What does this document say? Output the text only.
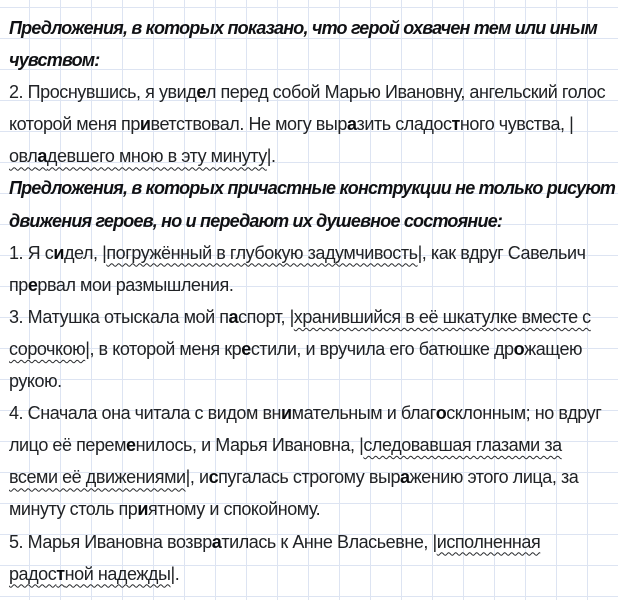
Предложения, в которых показано, что герой охвачен тем или иным
чувством:
2. Проснувшись, я увидел перед собой Марью Ивановну, ангельский голос
которой меня приветствовал. Не могу выразить сладостного чувства, |
овладевшего мною в эту минуту|.
Предложения, в которых причастные конструкции не только рисуют
движения героев, но и передают их душевное состояние:
1. Я сидел, |погружённый в глубокую задумчивость|, как вдруг Савельич
прервал мои размышления.
3. Матушка отыскала мой паспорт, |хранившийся в её шкатулке вместе с
сорочкою|, в которой меня крестили, и вручила его батюшке дрожащею
рукою.
4. Сначала она читала с видом внимательным и благосклонным; но вдруг
лицо её переменилось, и Марья Ивановна, |следовавшая глазами за
всеми её движениями|, испугалась строгому выражению этого лица, за
минуту столь приятному и спокойному.
5. Марья Ивановна возвратилась к Анне Власьевне, |исполненная
радостной надежды|.
